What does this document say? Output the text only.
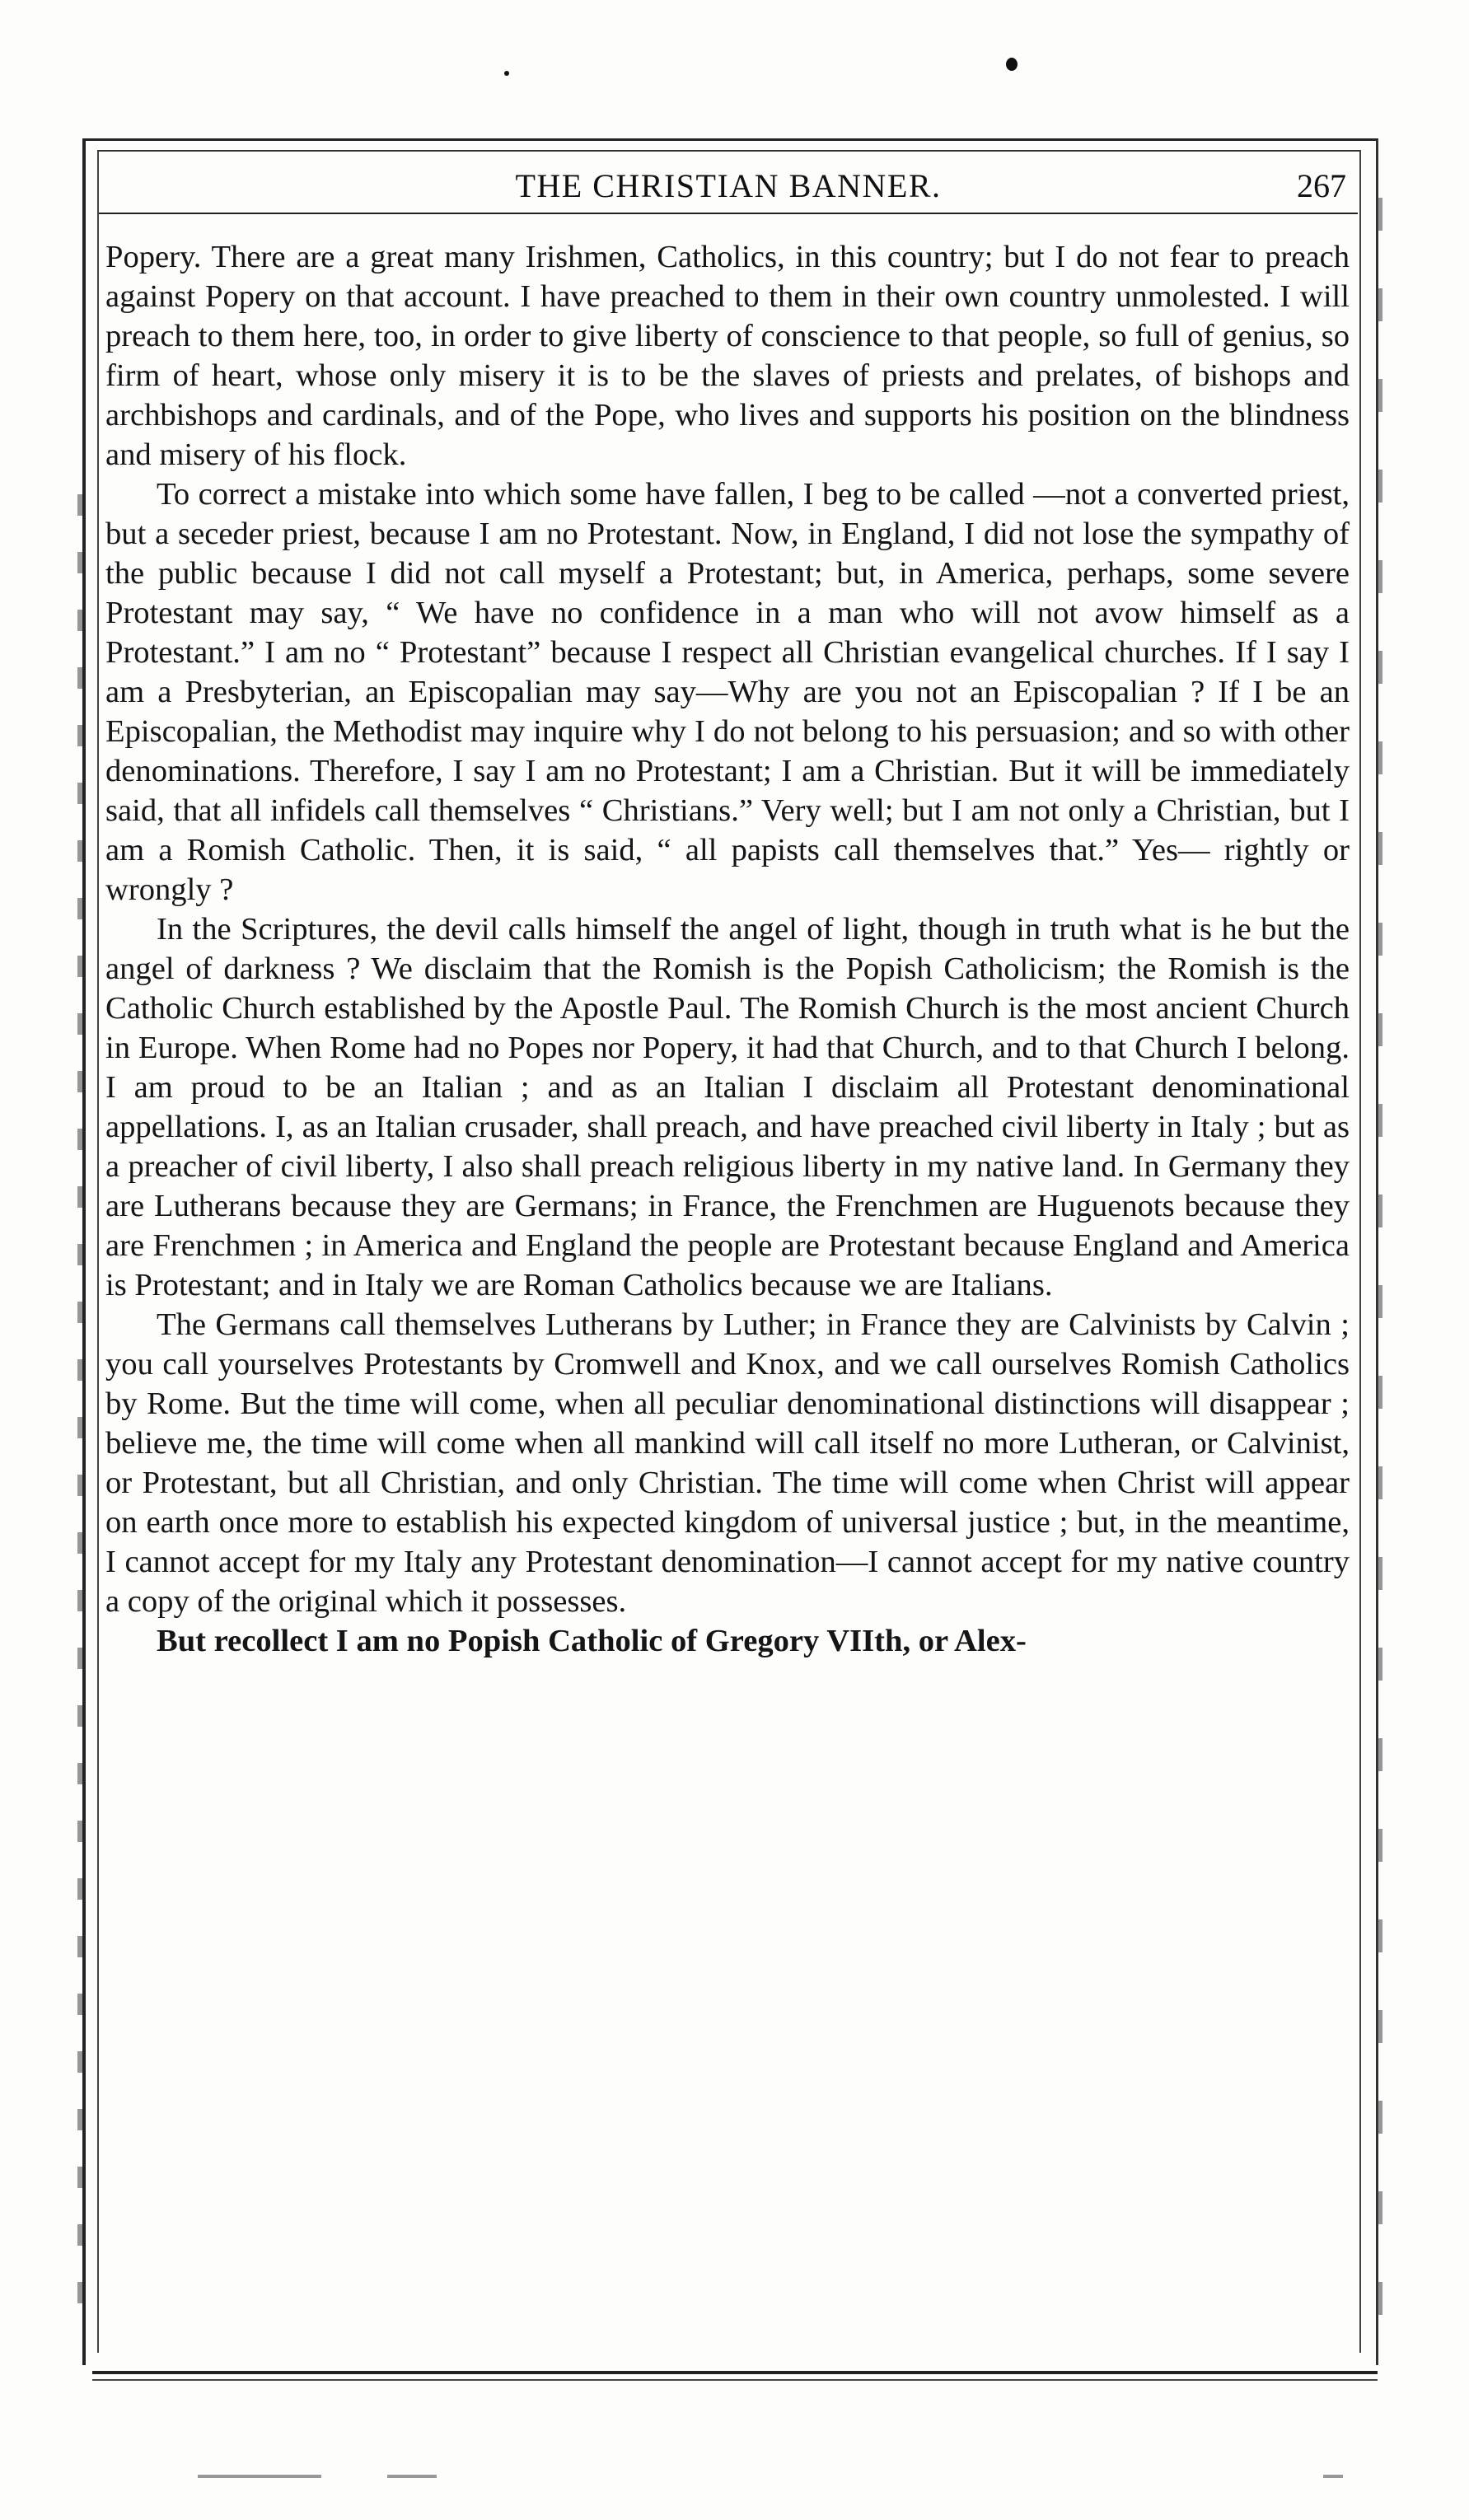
THE CHRISTIAN BANNER.	267

Popery. There are a great many Irishmen, Catholics, in this country; but I do not fear to preach against Popery on that account. I have preached to them in their own country unmolested. I will preach to them here, too, in order to give liberty of conscience to that people, so full of genius, so firm of heart, whose only misery it is to be the slaves of priests and prelates, of bishops and archbishops and cardinals, and of the Pope, who lives and supports his position on the blindness and misery of his flock.

To correct a mistake into which some have fallen, I beg to be called —not a converted priest, but a seceder priest, because I am no Protestant. Now, in England, I did not lose the sympathy of the public because I did not call myself a Protestant; but, in America, perhaps, some severe Protestant may say, “ We have no confidence in a man who will not avow himself as a Protestant.” I am no “ Protestant” because I respect all Christian evangelical churches. If I say I am a Presbyterian, an Episcopalian may say—Why are you not an Episcopalian ? If I be an Episcopalian, the Methodist may inquire why I do not belong to his persuasion; and so with other denominations. Therefore, I say I am no Protestant; I am a Christian. But it will be immediately said, that all infidels call themselves “ Christians.” Very well; but I am not only a Christian, but I am a Romish Catholic. Then, it is said, “ all papists call themselves that.” Yes— rightly or wrongly ?

In the Scriptures, the devil calls himself the angel of light, though in truth what is he but the angel of darkness ? We disclaim that the Romish is the Popish Catholicism; the Romish is the Catholic Church established by the Apostle Paul. The Romish Church is the most ancient Church in Europe. When Rome had no Popes nor Popery, it had that Church, and to that Church I belong. I am proud to be an Italian ; and as an Italian I disclaim all Protestant denominational appellations. I, as an Italian crusader, shall preach, and have preached civil liberty in Italy ; but as a preacher of civil liberty, I also shall preach religious liberty in my native land. In Germany they are Lutherans because they are Germans; in France, the Frenchmen are Huguenots because they are Frenchmen ; in America and England the people are Protestant because England and America is Protestant; and in Italy we are Roman Catholics because we are Italians.

The Germans call themselves Lutherans by Luther; in France they are Calvinists by Calvin ; you call yourselves Protestants by Cromwell and Knox, and we call ourselves Romish Catholics by Rome. But the time will come, when all peculiar denominational distinctions will disappear ; believe me, the time will come when all mankind will call itself no more Lutheran, or Calvinist, or Protestant, but all Christian, and only Christian. The time will come when Christ will appear on earth once more to establish his expected kingdom of universal justice ; but, in the meantime, I cannot accept for my Italy any Protestant denomination—I cannot accept for my native country a copy of the original which it possesses.

But recollect I am no Popish Catholic of Gregory VIIth, or Alex-
